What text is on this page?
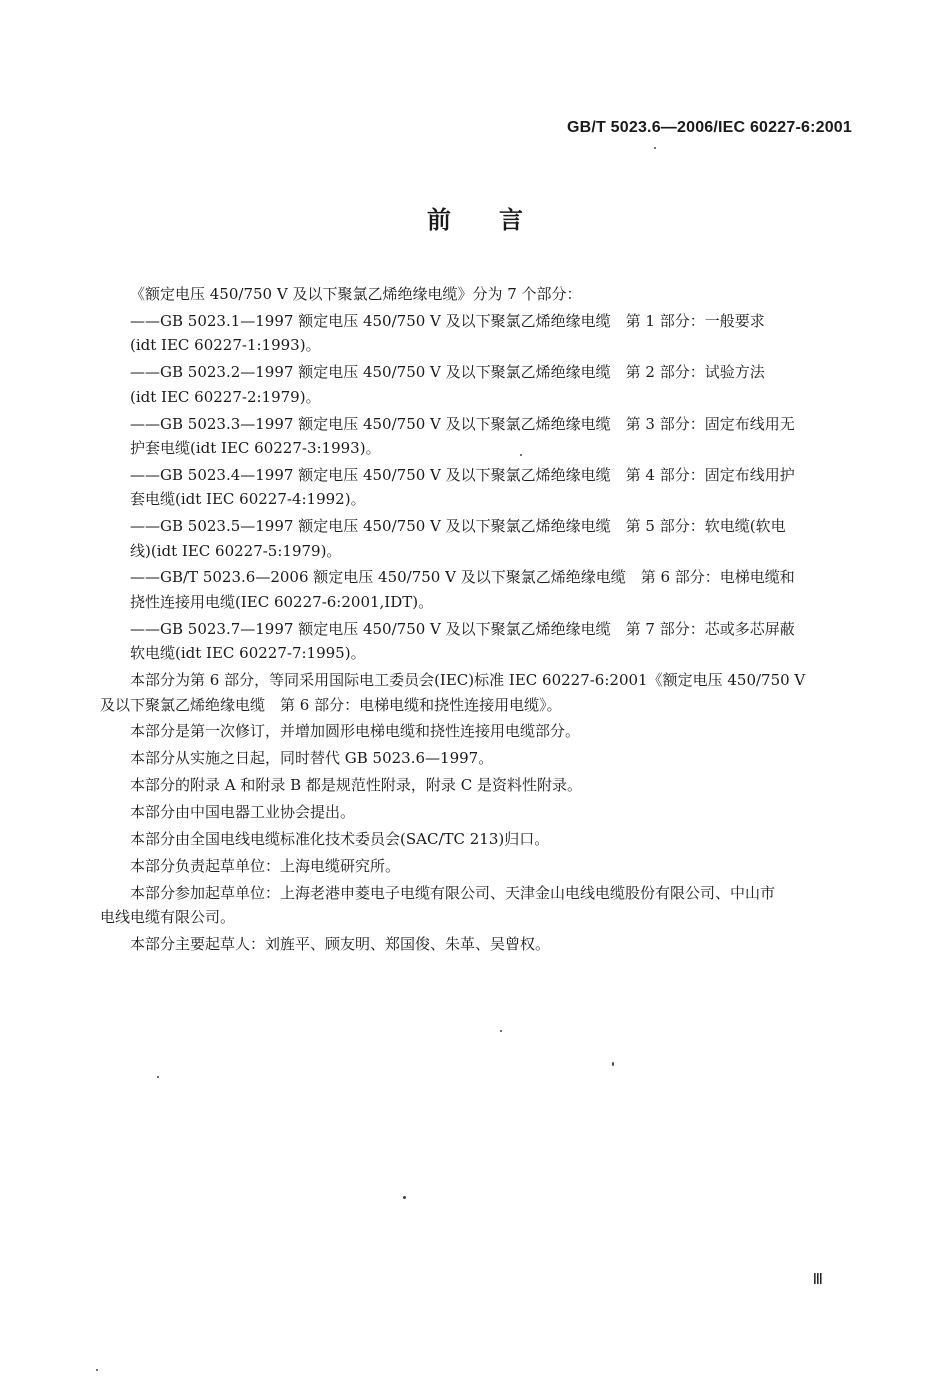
GB/T 5023.6—2006/IEC 60227-6:2001
前言

《额定电压 450/750 V 及以下聚氯乙烯绝缘电缆》分为 7 个部分：

——GB 5023.1—1997 额定电压 450/750 V 及以下聚氯乙烯绝缘电缆　第 1 部分：一般要求

(idt IEC 60227-1:1993)。

——GB 5023.2—1997 额定电压 450/750 V 及以下聚氯乙烯绝缘电缆　第 2 部分：试验方法

(idt IEC 60227-2:1979)。

——GB 5023.3—1997 额定电压 450/750 V 及以下聚氯乙烯绝缘电缆　第 3 部分：固定布线用无

护套电缆(idt IEC 60227-3:1993)。

——GB 5023.4—1997 额定电压 450/750 V 及以下聚氯乙烯绝缘电缆　第 4 部分：固定布线用护

套电缆(idt IEC 60227-4:1992)。

——GB 5023.5—1997 额定电压 450/750 V 及以下聚氯乙烯绝缘电缆　第 5 部分：软电缆(软电

线)(idt IEC 60227-5:1979)。

——GB/T 5023.6—2006 额定电压 450/750 V 及以下聚氯乙烯绝缘电缆　第 6 部分：电梯电缆和

挠性连接用电缆(IEC 60227-6:2001,IDT)。

——GB 5023.7—1997 额定电压 450/750 V 及以下聚氯乙烯绝缘电缆　第 7 部分：芯或多芯屏蔽

软电缆(idt IEC 60227-7:1995)。

本部分为第 6 部分，等同采用国际电工委员会(IEC)标准 IEC 60227-6:2001《额定电压 450/750 V

及以下聚氯乙烯绝缘电缆　第 6 部分：电梯电缆和挠性连接用电缆》。

本部分是第一次修订，并增加圆形电梯电缆和挠性连接用电缆部分。

本部分从实施之日起，同时替代 GB 5023.6—1997。

本部分的附录 A 和附录 B 都是规范性附录，附录 C 是资料性附录。

本部分由中国电器工业协会提出。

本部分由全国电线电缆标准化技术委员会(SAC/TC 213)归口。

本部分负责起草单位：上海电缆研究所。

本部分参加起草单位：上海老港申菱电子电缆有限公司、天津金山电线电缆股份有限公司、中山市

电线电缆有限公司。

本部分主要起草人：刘旌平、顾友明、郑国俊、朱革、吴曾权。

Ⅲ
